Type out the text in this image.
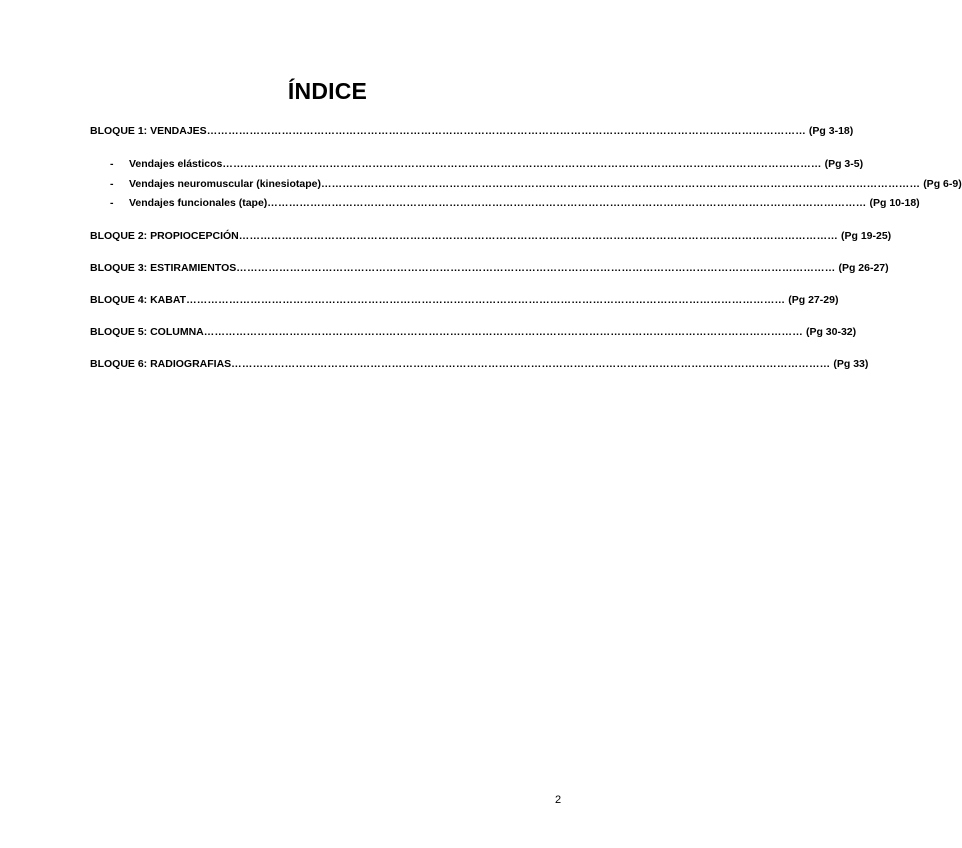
ÍNDICE
BLOQUE 1: VENDAJES …………………………………………………………………………………………………………………………………………………… (Pg 3-18)
- Vendajes elásticos …………………………………………………………………………………………………………………………………………………… (Pg 3-5)
- Vendajes neuromuscular (kinesiotape) …………………………………………………………………………………………………………………………………………………… (Pg 6-9)
- Vendajes funcionales (tape) …………………………………………………………………………………………………………………………………………………… (Pg 10-18)
BLOQUE 2: PROPIOCEPCIÓN …………………………………………………………………………………………………………………………………………………… (Pg 19-25)
BLOQUE 3: ESTIRAMIENTOS …………………………………………………………………………………………………………………………………………………… (Pg 26-27)
BLOQUE 4: KABAT …………………………………………………………………………………………………………………………………………………… (Pg 27-29)
BLOQUE 5: COLUMNA …………………………………………………………………………………………………………………………………………………… (Pg 30-32)
BLOQUE 6: RADIOGRAFIAS …………………………………………………………………………………………………………………………………………………… (Pg 33)
2
